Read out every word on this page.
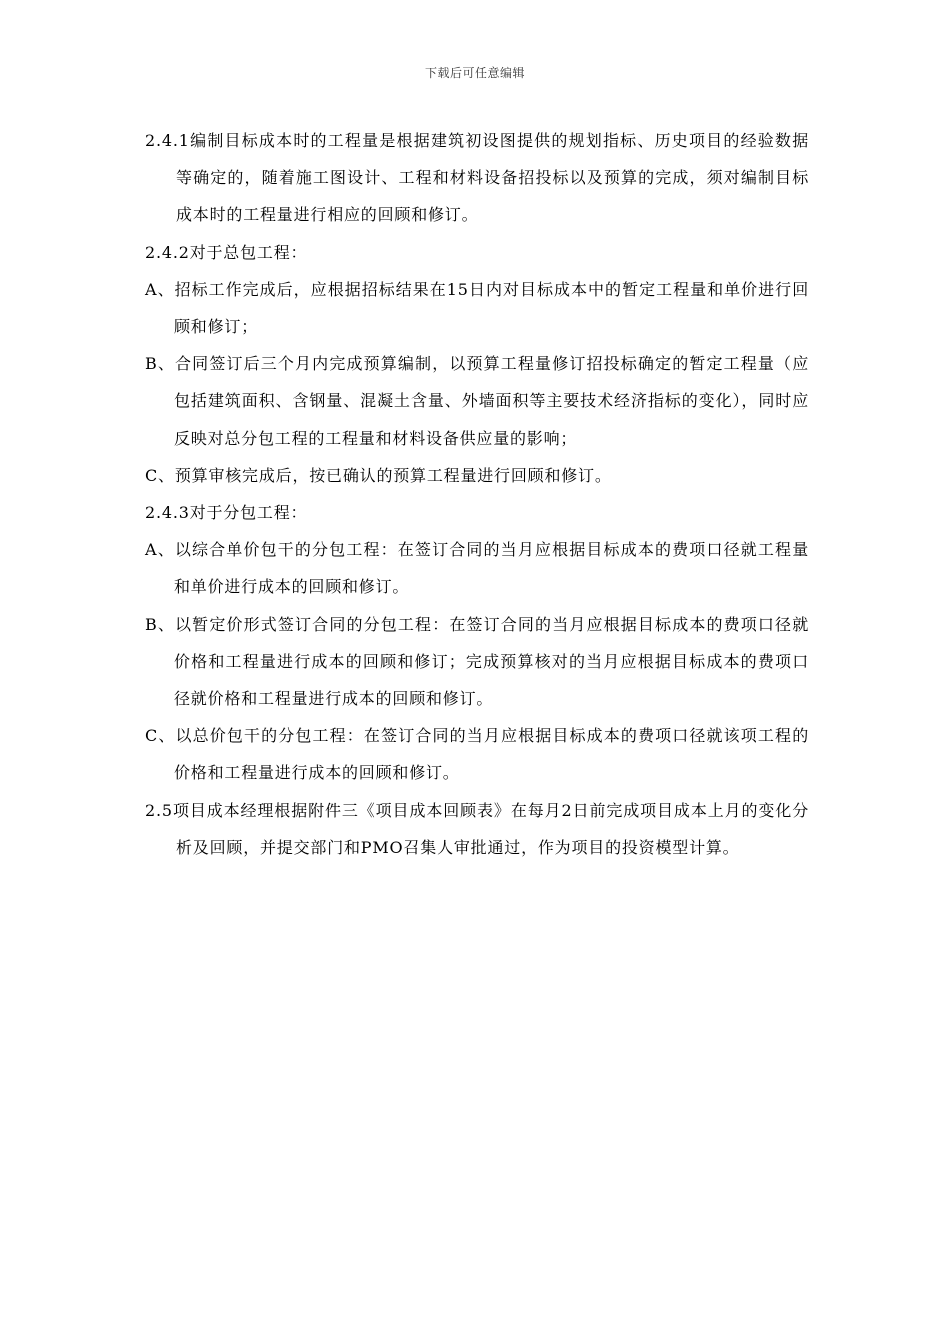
下载后可任意编辑

2.4.1编制目标成本时的工程量是根据建筑初设图提供的规划指标、历史项目的经验数据等确定的，随着施工图设计、工程和材料设备招投标以及预算的完成，须对编制目标成本时的工程量进行相应的回顾和修订。

2.4.2对于总包工程：

A、招标工作完成后，应根据招标结果在15日内对目标成本中的暂定工程量和单价进行回顾和修订；

B、合同签订后三个月内完成预算编制，以预算工程量修订招投标确定的暂定工程量（应包括建筑面积、含钢量、混凝土含量、外墙面积等主要技术经济指标的变化），同时应反映对总分包工程的工程量和材料设备供应量的影响；

C、预算审核完成后，按已确认的预算工程量进行回顾和修订。

2.4.3对于分包工程：

A、以综合单价包干的分包工程：在签订合同的当月应根据目标成本的费项口径就工程量和单价进行成本的回顾和修订。

B、以暂定价形式签订合同的分包工程：在签订合同的当月应根据目标成本的费项口径就价格和工程量进行成本的回顾和修订；完成预算核对的当月应根据目标成本的费项口径就价格和工程量进行成本的回顾和修订。

C、以总价包干的分包工程：在签订合同的当月应根据目标成本的费项口径就该项工程的价格和工程量进行成本的回顾和修订。

2.5项目成本经理根据附件三《项目成本回顾表》在每月2日前完成项目成本上月的变化分析及回顾，并提交部门和PMO召集人审批通过，作为项目的投资模型计算。
